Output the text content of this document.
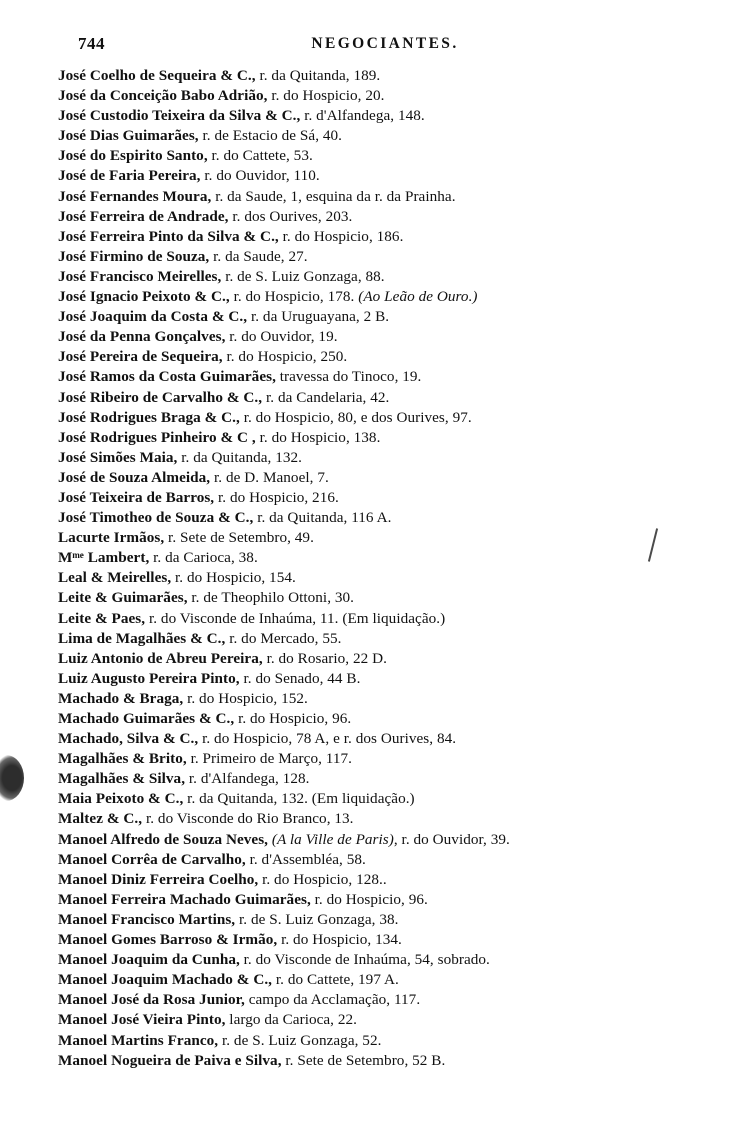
744	NEGOCIANTES.
José Coelho de Sequeira & C., r. da Quitanda, 189.
José da Conceição Babo Adrião, r. do Hospicio, 20.
José Custodio Teixeira da Silva & C., r. d'Alfandega, 148.
José Dias Guimarães, r. de Estacio de Sá, 40.
José do Espirito Santo, r. do Cattete, 53.
José de Faria Pereira, r. do Ouvidor, 110.
José Fernandes Moura, r. da Saude, 1, esquina da r. da Prainha.
José Ferreira de Andrade, r. dos Ourives, 203.
José Ferreira Pinto da Silva & C., r. do Hospicio, 186.
José Firmino de Souza, r. da Saude, 27.
José Francisco Meirelles, r. de S. Luiz Gonzaga, 88.
José Ignacio Peixoto & C., r. do Hospicio, 178. (Ao Leão de Ouro.)
José Joaquim da Costa & C., r. da Uruguayana, 2 B.
José da Penna Gonçalves, r. do Ouvidor, 19.
José Pereira de Sequeira, r. do Hospicio, 250.
José Ramos da Costa Guimarães, travessa do Tinoco, 19.
José Ribeiro de Carvalho & C., r. da Candelaria, 42.
José Rodrigues Braga & C., r. do Hospicio, 80, e dos Ourives, 97.
José Rodrigues Pinheiro & C , r. do Hospicio, 138.
José Simões Maia, r. da Quitanda, 132.
José de Souza Almeida, r. de D. Manoel, 7.
José Teixeira de Barros, r. do Hospicio, 216.
José Timotheo de Souza & C., r. da Quitanda, 116 A.
Lacurte Irmãos, r. Sete de Setembro, 49.
Mᵐᵉ Lambert, r. da Carioca, 38.
Leal & Meirelles, r. do Hospicio, 154.
Leite & Guimarães, r. de Theophilo Ottoni, 30.
Leite & Paes, r. do Visconde de Inhaúma, 11. (Em liquidação.)
Lima de Magalhães & C., r. do Mercado, 55.
Luiz Antonio de Abreu Pereira, r. do Rosario, 22 D.
Luiz Augusto Pereira Pinto, r. do Senado, 44 B.
Machado & Braga, r. do Hospicio, 152.
Machado Guimarães & C., r. do Hospicio, 96.
Machado, Silva & C., r. do Hospicio, 78 A, e r. dos Ourives, 84.
Magalhães & Brito, r. Primeiro de Março, 117.
Magalhães & Silva, r. d'Alfandega, 128.
Maia Peixoto & C., r. da Quitanda, 132. (Em liquidação.)
Maltez & C., r. do Visconde do Rio Branco, 13.
Manoel Alfredo de Souza Neves, (A la Ville de Paris), r. do Ouvidor, 39.
Manoel Corrêa de Carvalho, r. d'Assembléa, 58.
Manoel Diniz Ferreira Coelho, r. do Hospicio, 128..
Manoel Ferreira Machado Guimarães, r. do Hospicio, 96.
Manoel Francisco Martins, r. de S. Luiz Gonzaga, 38.
Manoel Gomes Barroso & Irmão, r. do Hospicio, 134.
Manoel Joaquim da Cunha, r. do Visconde de Inhaúma, 54, sobrado.
Manoel Joaquim Machado & C., r. do Cattete, 197 A.
Manoel José da Rosa Junior, campo da Acclamação, 117.
Manoel José Vieira Pinto, largo da Carioca, 22.
Manoel Martins Franco, r. de S. Luiz Gonzaga, 52.
Manoel Nogueira de Paiva e Silva, r. Sete de Setembro, 52 B.
